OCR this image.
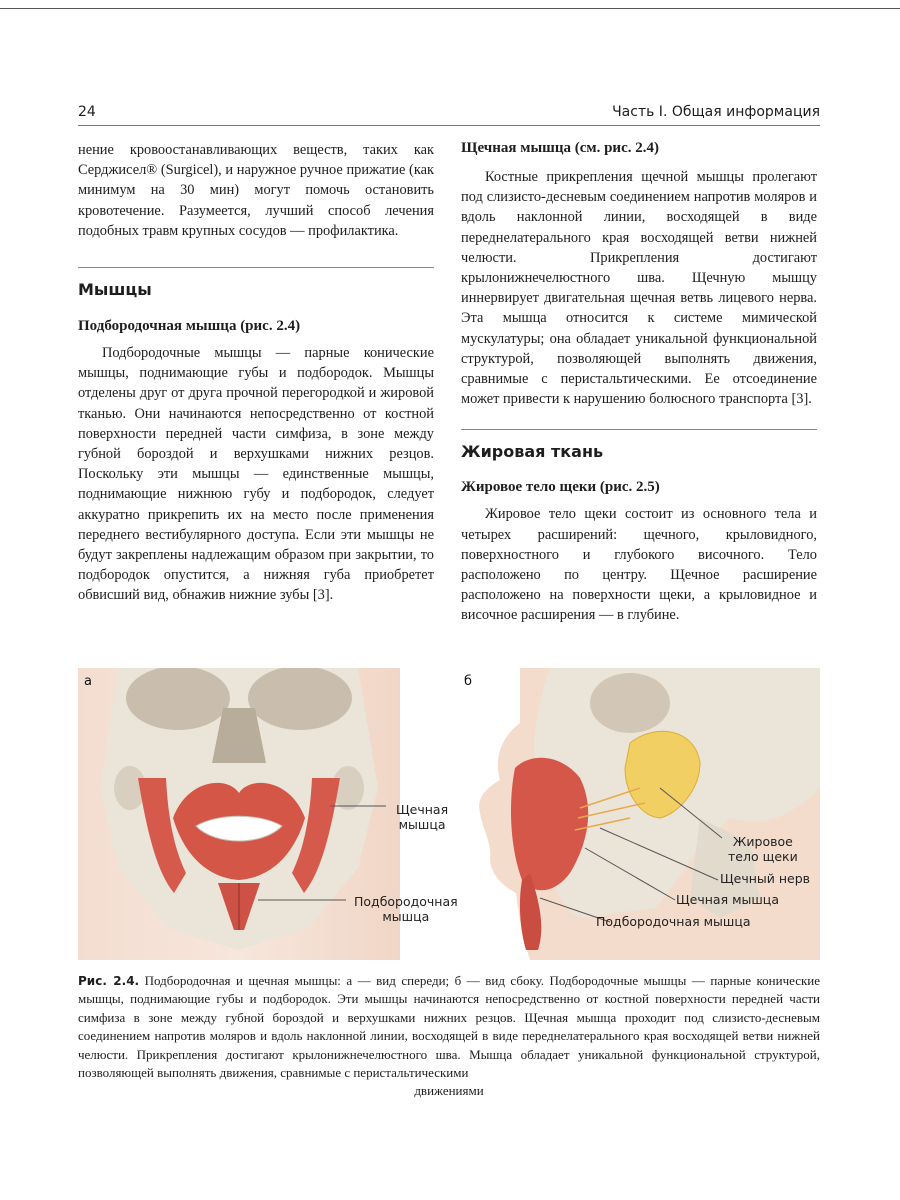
24	Часть I. Общая информация

нение кровоостанавливающих веществ, таких как Серджисел® (Surgicel), и наружное ручное прижатие (как минимум на 30 мин) могут помочь остановить кровотечение. Разумеется, лучший способ лечения подобных травм крупных сосудов — профилактика.

Мышцы
Подбородочная мышца (рис. 2.4)

Подбородочные мышцы — парные конические мышцы, поднимающие губы и подбородок. Мышцы отделены друг от друга прочной перегородкой и жировой тканью. Они начинаются непосредственно от костной поверхности передней части симфиза, в зоне между губной бороздой и верхушками нижних резцов. Поскольку эти мышцы — единственные мышцы, поднимающие нижнюю губу и подбородок, следует аккуратно прикрепить их на место после применения переднего вестибулярного доступа. Если эти мышцы не будут закреплены надлежащим образом при закрытии, то подбородок опустится, а нижняя губа приобретет обвисший вид, обнажив нижние зубы [3].

Щечная мышца (см. рис. 2.4)

Костные прикрепления щечной мышцы пролегают под слизисто-десневым соединением напротив моляров и вдоль наклонной линии, восходящей в виде переднелатерального края восходящей ветви нижней челюсти. Прикрепления достигают крылонижнечелюстного шва. Щечную мышцу иннервирует двигательная щечная ветвь лицевого нерва. Эта мышца относится к системе мимической мускулатуры; она обладает уникальной функциональной структурой, позволяющей выполнять движения, сравнимые с перистальтическими. Ее отсоединение может привести к нарушению болюсного транспорта [3].

Жировая ткань
Жировое тело щеки (рис. 2.5)

Жировое тело щеки состоит из основного тела и четырех расширений: щечного, крыловидного, поверхностного и глубокого височного. Тело расположено по центру. Щечное расширение расположено на поверхности щеки, а крыловидное и височное расширения — в глубине.

а
Щечная
мышца
Подбородочная
мышца
б
Жировое
тело щеки
Щечный нерв
Щечная мышца
Подбородочная мышца
Рис. 2.4. Подбородочная и щечная мышцы: а — вид спереди; б — вид сбоку. Подбородочные мышцы — парные конические мышцы, поднимающие губы и подбородок. Эти мышцы начинаются непосредственно от костной поверхности передней части симфиза в зоне между губной бороздой и верхушками нижних резцов. Щечная мышца проходит под слизисто-десневым соединением напротив моляров и вдоль наклонной линии, восходящей в виде переднелатерального края восходящей ветви нижней челюсти. Прикрепления достигают крылонижнечелюстного шва. Мышца обладает уникальной функциональной структурой, позволяющей выполнять движения, сравнимые с перистальтическими
движениями
